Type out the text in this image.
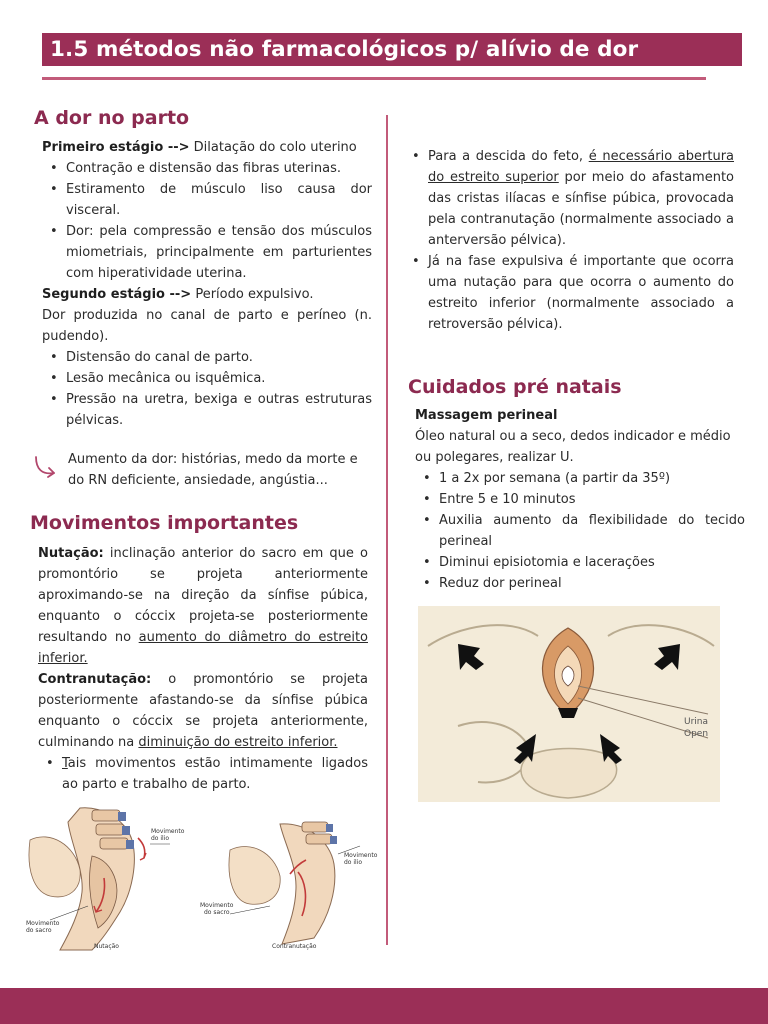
1.5 métodos não farmacológicos p/ alívio de dor
A dor no parto

Primeiro estágio --> Dilatação do colo uterino

• Contração e distensão das fibras uterinas.
• Estiramento de músculo liso causa dor visceral.
• Dor: pela compressão e tensão dos músculos miometriais, principalmente em parturientes com hiperatividade uterina.

Segundo estágio --> Período expulsivo.

Dor produzida no canal de parto e períneo (n. pudendo).

• Distensão do canal de parto.
• Lesão mecânica ou isquêmica.
• Pressão na uretra, bexiga e outras estruturas pélvicas.
Aumento da dor: histórias, medo da morte e do RN deficiente, ansiedade, angústia...
Movimentos importantes

Nutação: inclinação anterior do sacro em que o promontório se projeta anteriormente aproximando-se na direção da sínfise púbica, enquanto o cóccix projeta-se posteriormente resultando no aumento do diâmetro do estreito inferior.

Contranutação: o promontório se projeta posteriormente afastando-se da sínfise púbica enquanto o cóccix se projeta anteriormente, culminando na diminuição do estreito inferior.

• Tais movimentos estão intimamente ligados ao parto e trabalho de parto.
Movimento
do ilio
Movimento
do sacro
Nutação
Movimento
do ilio
Movimento
do sacro
Contranutação
• Para a descida do feto, é necessário abertura do estreito superior por meio do afastamento das cristas ilíacas e sínfise púbica, provocada pela contranutação (normalmente associado a anterversão pélvica).
• Já na fase expulsiva é importante que ocorra uma nutação para que ocorra o aumento do estreito inferior (normalmente associado a retroversão pélvica).
Cuidados pré natais

Massagem perineal

Óleo natural ou a seco, dedos indicador e médio ou polegares, realizar U.

• 1 a 2x por semana (a partir da 35º)
• Entre 5 e 10 minutos
• Auxilia aumento da flexibilidade do tecido perineal
• Diminui episiotomia e lacerações
• Reduz dor perineal
Urina
Open
